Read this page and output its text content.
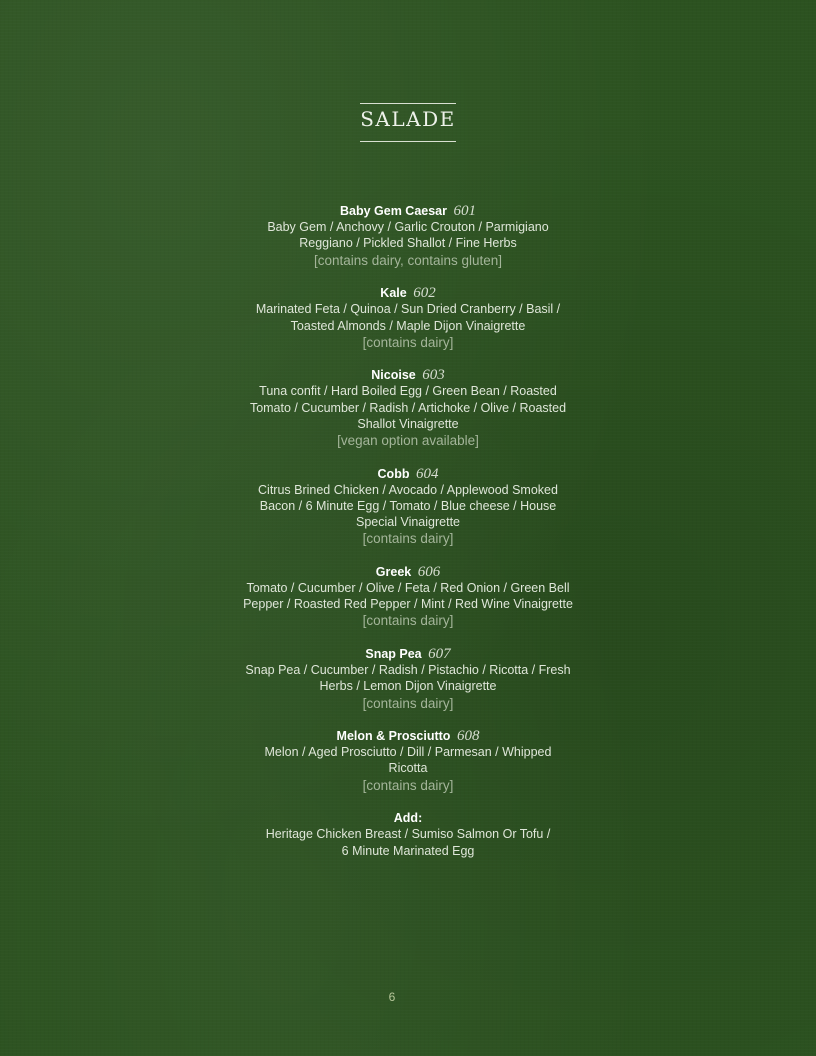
SALADE
Baby Gem Caesar 601
Baby Gem / Anchovy / Garlic Crouton / Parmigiano
Reggiano / Pickled Shallot / Fine Herbs
[contains dairy, contains gluten]
Kale 602
Marinated Feta / Quinoa / Sun Dried Cranberry / Basil /
Toasted Almonds / Maple Dijon Vinaigrette
[contains dairy]
Nicoise 603
Tuna confit / Hard Boiled Egg / Green Bean / Roasted
Tomato / Cucumber / Radish / Artichoke / Olive / Roasted
Shallot Vinaigrette
[vegan option available]
Cobb 604
Citrus Brined Chicken / Avocado / Applewood Smoked
Bacon / 6 Minute Egg / Tomato / Blue cheese / House
Special Vinaigrette
[contains dairy]
Greek 606
Tomato / Cucumber / Olive / Feta / Red Onion / Green Bell
Pepper / Roasted Red Pepper / Mint / Red Wine Vinaigrette
[contains dairy]
Snap Pea 607
Snap Pea / Cucumber / Radish / Pistachio / Ricotta / Fresh
Herbs / Lemon Dijon Vinaigrette
[contains dairy]
Melon & Prosciutto 608
Melon / Aged Prosciutto / Dill / Parmesan / Whipped
Ricotta
[contains dairy]
Add:
Heritage Chicken Breast / Sumiso Salmon Or Tofu /
6 Minute Marinated Egg
6
